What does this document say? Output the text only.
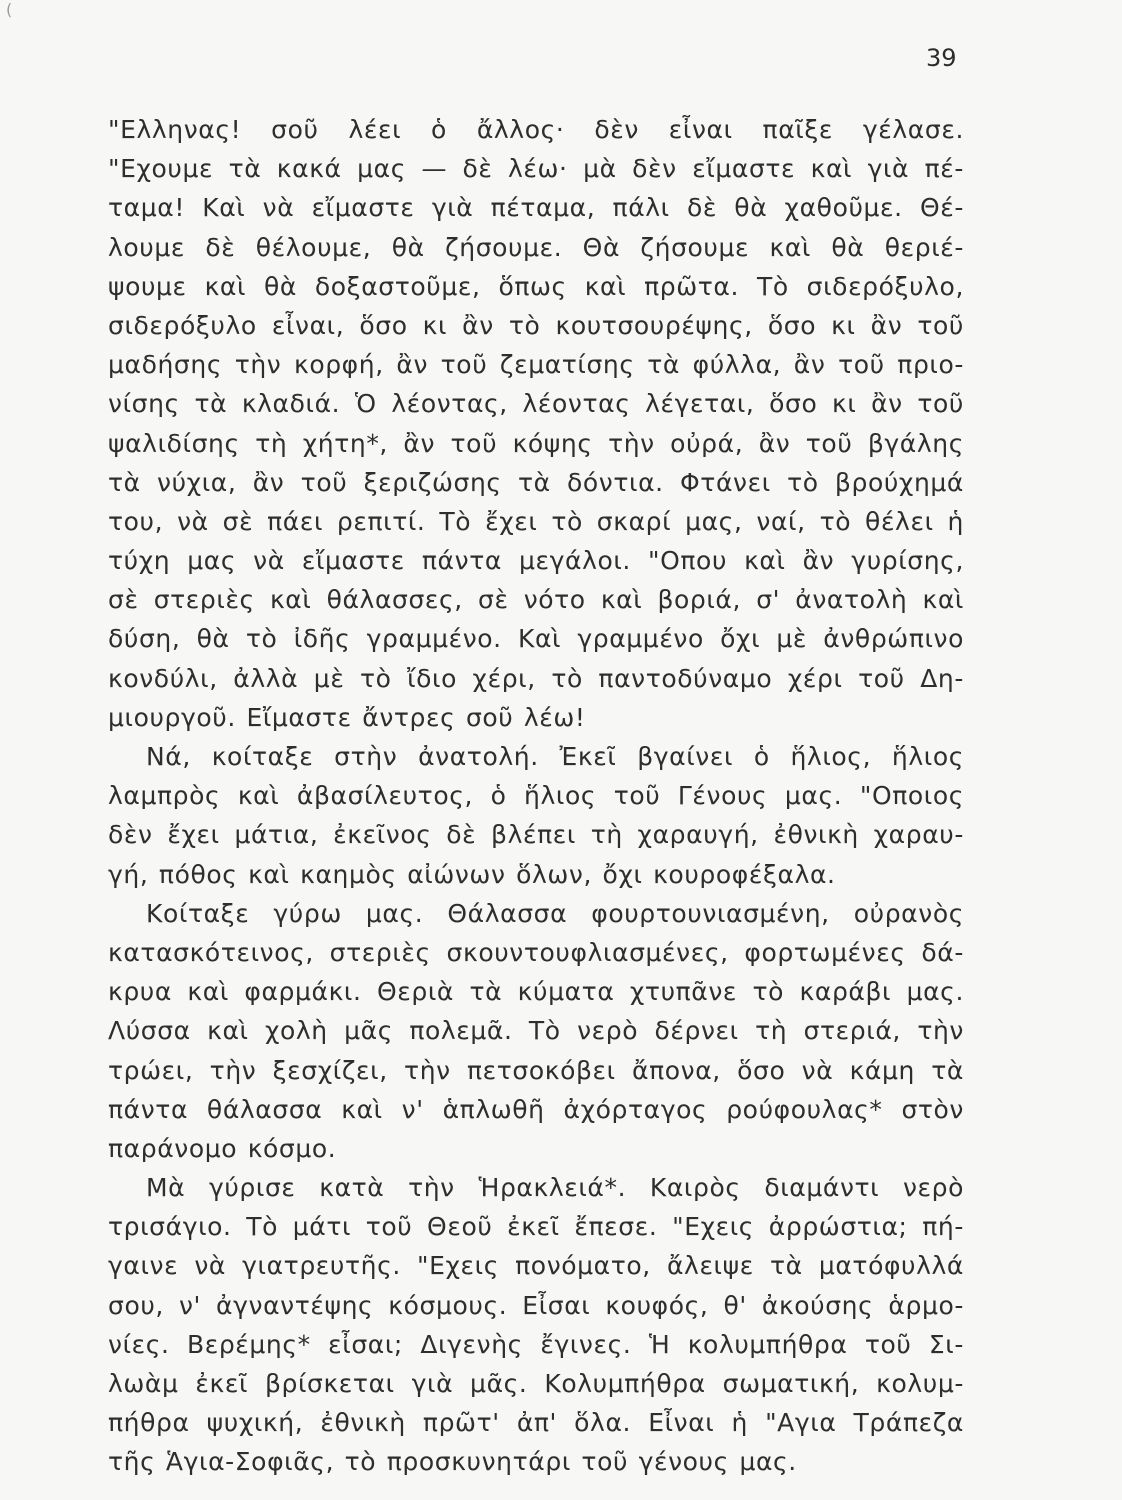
(
39
"Ελληνας! σοῦ λέει ὁ ἄλλος· δὲν εἶναι παῖξε γέλασε.
"Εχουμε τὰ κακά μας — δὲ λέω· μὰ δὲν εἴμαστε καὶ γιὰ πέ-
ταμα! Καὶ νὰ εἴμαστε γιὰ πέταμα, πάλι δὲ θὰ χαθοῦμε. Θέ-
λουμε δὲ θέλουμε, θὰ ζήσουμε. Θὰ ζήσουμε καὶ θὰ θεριέ-
ψουμε καὶ θὰ δοξαστοῦμε, ὅπως καὶ πρῶτα. Τὸ σιδερόξυλο,
σιδερόξυλο εἶναι, ὅσο κι ἂν τὸ κουτσουρέψης, ὅσο κι ἂν τοῦ
μαδήσης τὴν κορφή, ἂν τοῦ ζεματίσης τὰ φύλλα, ἂν τοῦ πριο-
νίσης τὰ κλαδιά. Ὁ λέοντας, λέοντας λέγεται, ὅσο κι ἂν τοῦ
ψαλιδίσης τὴ χήτη*, ἂν τοῦ κόψης τὴν οὐρά, ἂν τοῦ βγάλης
τὰ νύχια, ἂν τοῦ ξεριζώσης τὰ δόντια. Φτάνει τὸ βρούχημά
του, νὰ σὲ πάει ρεπιτί. Τὸ ἔχει τὸ σκαρί μας, ναί, τὸ θέλει ἡ
τύχη μας νὰ εἴμαστε πάντα μεγάλοι. "Οπου καὶ ἂν γυρίσης,
σὲ στεριὲς καὶ θάλασσες, σὲ νότο καὶ βοριά, σ' ἀνατολὴ καὶ
δύση, θὰ τὸ ἰδῆς γραμμένο. Καὶ γραμμένο ὄχι μὲ ἀνθρώπινο
κονδύλι, ἀλλὰ μὲ τὸ ἴδιο χέρι, τὸ παντοδύναμο χέρι τοῦ Δη-
μιουργοῦ. Εἴμαστε ἄντρες σοῦ λέω!
Νά, κοίταξε στὴν ἀνατολή. Ἐκεῖ βγαίνει ὁ ἥλιος, ἥλιος
λαμπρὸς καὶ ἀβασίλευτος, ὁ ἥλιος τοῦ Γένους μας. "Οποιος
δὲν ἔχει μάτια, ἐκεῖνος δὲ βλέπει τὴ χαραυγή, ἐθνικὴ χαραυ-
γή, πόθος καὶ καημὸς αἰώνων ὅλων, ὄχι κουροφέξαλα.
Κοίταξε γύρω μας. Θάλασσα φουρτουνιασμένη, οὐρανὸς
κατασκότεινος, στεριὲς σκουντουφλιασμένες, φορτωμένες δά-
κρυα καὶ φαρμάκι. Θεριὰ τὰ κύματα χτυπᾶνε τὸ καράβι μας.
Λύσσα καὶ χολὴ μᾶς πολεμᾶ. Τὸ νερὸ δέρνει τὴ στεριά, τὴν
τρώει, τὴν ξεσχίζει, τὴν πετσοκόβει ἄπονα, ὅσο νὰ κάμη τὰ
πάντα θάλασσα καὶ ν' ἁπλωθῆ ἀχόρταγος ρούφουλας* στὸν
παράνομο κόσμο.
Μὰ γύρισε κατὰ τὴν Ἡρακλειά*. Καιρὸς διαμάντι νερὸ
τρισάγιο. Τὸ μάτι τοῦ Θεοῦ ἐκεῖ ἔπεσε. "Εχεις ἀρρώστια; πή-
γαινε νὰ γιατρευτῆς. "Εχεις πονόματο, ἄλειψε τὰ ματόφυλλά
σου, ν' ἀγναντέψης κόσμους. Εἶσαι κουφός, θ' ἀκούσης ἁρμο-
νίες. Βερέμης* εἶσαι; Διγενὴς ἔγινες. Ἡ κολυμπήθρα τοῦ Σι-
λωὰμ ἐκεῖ βρίσκεται γιὰ μᾶς. Κολυμπήθρα σωματική, κολυμ-
πήθρα ψυχική, ἐθνικὴ πρῶτ' ἀπ' ὅλα. Εἶναι ἡ "Αγια Τράπεζα
τῆς Ἁγια-Σοφιᾶς, τὸ προσκυνητάρι τοῦ γένους μας.
